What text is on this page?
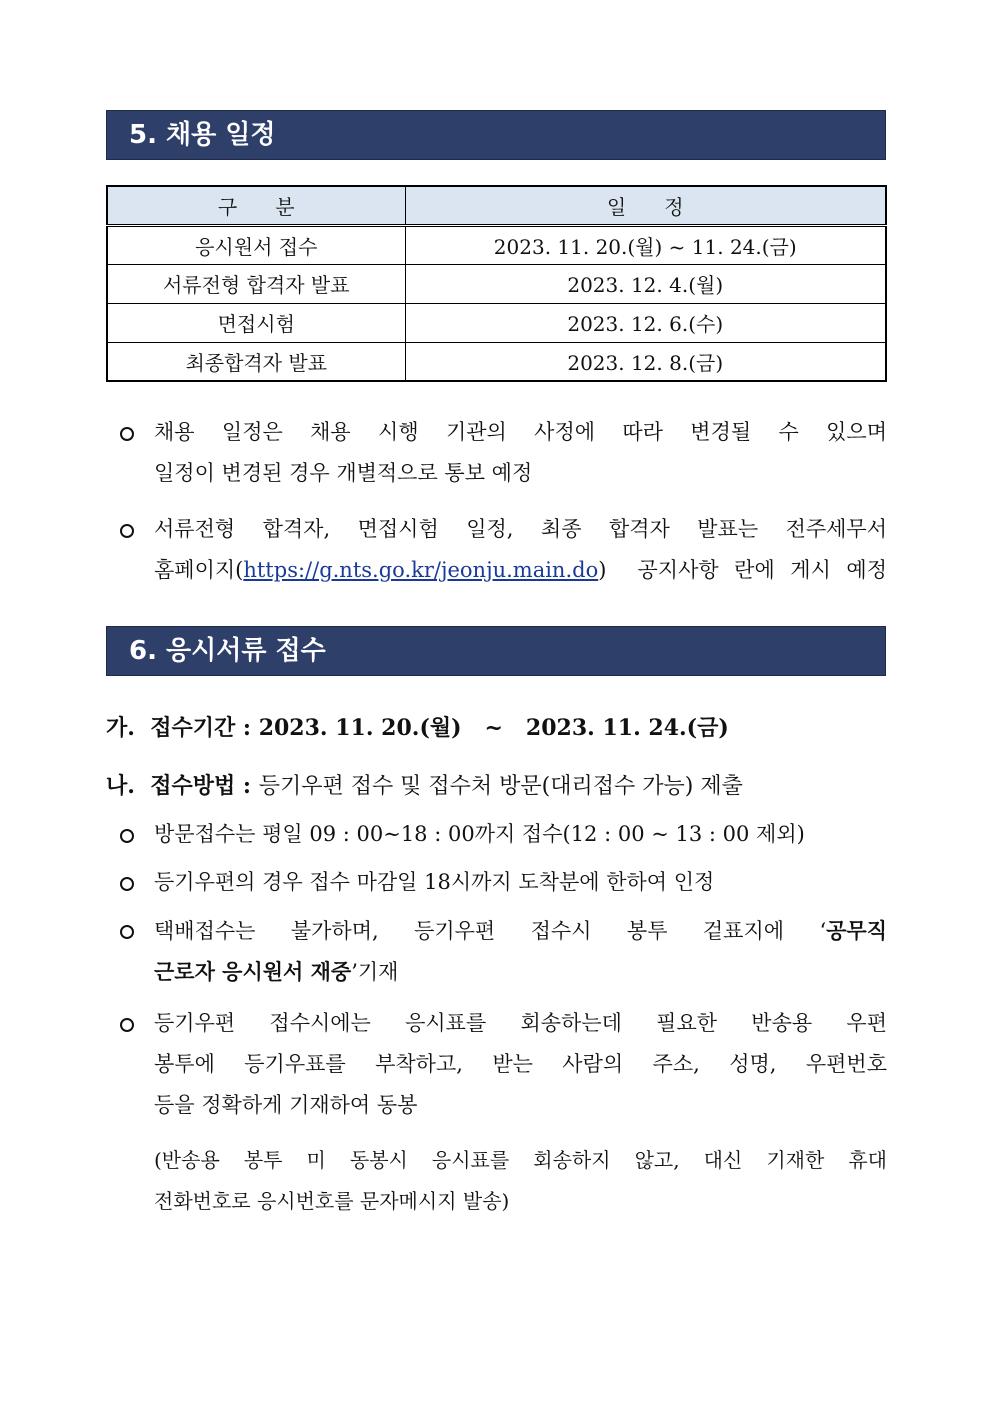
5. 채용 일정
구      분	일      정
응시원서 접수	2023. 11. 20.(월) ~ 11. 24.(금)
서류전형 합격자 발표	2023. 12. 4.(월)
면접시험	2023. 12. 6.(수)
최종합격자 발표	2023. 12. 8.(금)
채용 일정은 채용 시행 기관의 사정에 따라 변경될 수 있으며
일정이 변경된 경우 개별적으로 통보 예정
서류전형 합격자, 면접시험 일정, 최종 합격자 발표는 전주세무서
홈페이지(https://g.nts.go.kr/jeonju.main.do)  공지사항 란에 게시 예정
6. 응시서류 접수
가.  접수기간 : 2023. 11. 20.(월)   ~   2023. 11. 24.(금)
나.  접수방법 : 등기우편 접수 및 접수처 방문(대리접수 가능) 제출
방문접수는 평일 09 : 00∼18 : 00까지 접수(12 : 00 ~ 13 : 00 제외)
등기우편의 경우 접수 마감일 18시까지 도착분에 한하여 인정
택배접수는 불가하며, 등기우편 접수시 봉투 겉표지에 ‘공무직
근로자 응시원서 재중’기재
등기우편 접수시에는 응시표를 회송하는데 필요한 반송용 우편
봉투에 등기우표를 부착하고, 받는 사람의 주소, 성명, 우편번호
등을 정확하게 기재하여 동봉
(반송용 봉투 미 동봉시 응시표를 회송하지 않고, 대신 기재한 휴대
전화번호로 응시번호를 문자메시지 발송)
